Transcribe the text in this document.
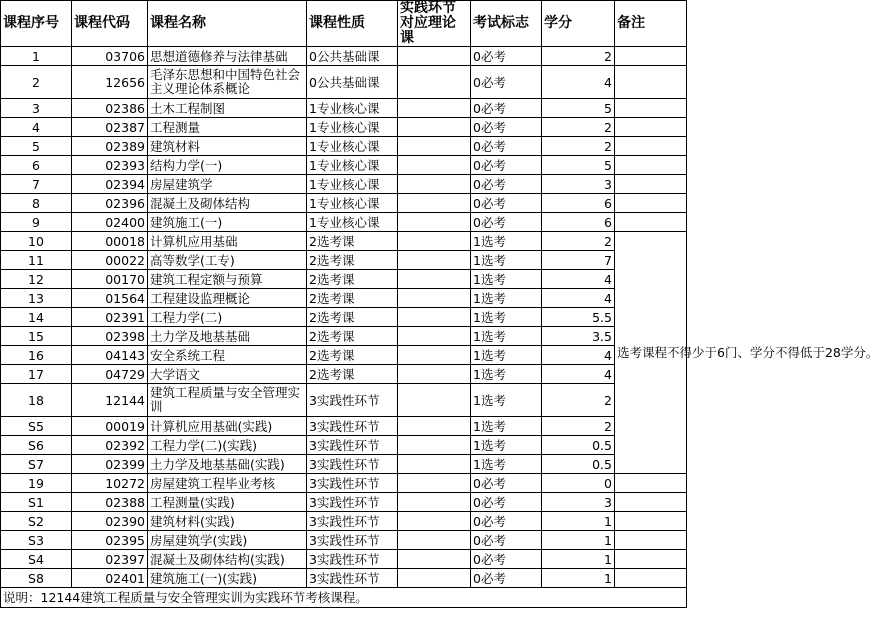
课程序号	课程代码	课程名称	课程性质	实践环节对应理论课	考试标志	学分	备注
1	03706	思想道德修养与法律基础	0公共基础课		0必考	2	
2	12656	毛泽东思想和中国特色社会主义理论体系概论	0公共基础课		0必考	4	
3	02386	土木工程制图	1专业核心课		0必考	5	
4	02387	工程测量	1专业核心课		0必考	2	
5	02389	建筑材料	1专业核心课		0必考	2	
6	02393	结构力学(一)	1专业核心课		0必考	5	
7	02394	房屋建筑学	1专业核心课		0必考	3	
8	02396	混凝土及砌体结构	1专业核心课		0必考	6	
9	02400	建筑施工(一)	1专业核心课		0必考	6	
10	00018	计算机应用基础	2选考课		1选考	2	选考课程不得少于6门、学分不得低于28学分。
11	00022	高等数学(工专)	2选考课		1选考	7	
12	00170	建筑工程定额与预算	2选考课		1选考	4	
13	01564	工程建设监理概论	2选考课		1选考	4	
14	02391	工程力学(二)	2选考课		1选考	5.5	
15	02398	土力学及地基基础	2选考课		1选考	3.5	
16	04143	安全系统工程	2选考课		1选考	4	
17	04729	大学语文	2选考课		1选考	4	
18	12144	建筑工程质量与安全管理实训	3实践性环节		1选考	2	
S5	00019	计算机应用基础(实践)	3实践性环节		1选考	2	
S6	02392	工程力学(二)(实践)	3实践性环节		1选考	0.5	
S7	02399	土力学及地基基础(实践)	3实践性环节		1选考	0.5	
19	10272	房屋建筑工程毕业考核	3实践性环节		0必考	0	
S1	02388	工程测量(实践)	3实践性环节		0必考	3	
S2	02390	建筑材料(实践)	3实践性环节		0必考	1	
S3	02395	房屋建筑学(实践)	3实践性环节		0必考	1	
S4	02397	混凝土及砌体结构(实践)	3实践性环节		0必考	1	
S8	02401	建筑施工(一)(实践)	3实践性环节		0必考	1	
说明：12144建筑工程质量与安全管理实训为实践环节考核课程。							
